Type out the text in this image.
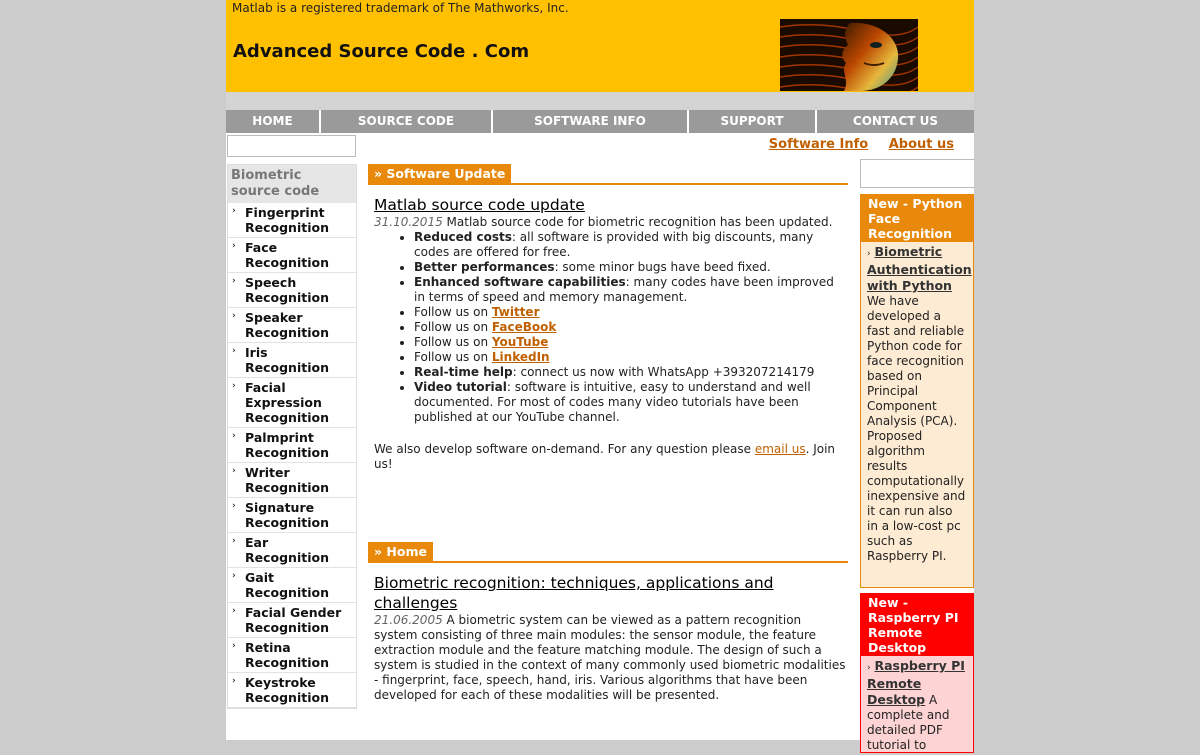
Matlab is a registered trademark of The Mathworks, Inc.
Advanced Source Code . Com
HOME	SOURCE CODE	SOFTWARE INFO	SUPPORT	CONTACT US
Software Info About us
Biometric source code
› Fingerprint Recognition
› Face Recognition
› Speech Recognition
› Speaker Recognition
› Iris Recognition
› Facial Expression Recognition
› Palmprint Recognition
› Writer Recognition
› Signature Recognition
› Ear Recognition
› Gait Recognition
› Facial Gender Recognition
› Retina Recognition
› Keystroke Recognition
» Software Update
Matlab source code update
31.10.2015 Matlab source code for biometric recognition has been updated.
• Reduced costs: all software is provided with big discounts, many codes are offered for free.
• Better performances: some minor bugs have beed fixed.
• Enhanced software capabilities: many codes have been improved in terms of speed and memory management.
• Follow us on Twitter
• Follow us on FaceBook
• Follow us on YouTube
• Follow us on LinkedIn
• Real-time help: connect us now with WhatsApp +393207214179
• Video tutorial: software is intuitive, easy to understand and well documented. For most of codes many video tutorials have been published at our YouTube channel.
We also develop software on-demand. For any question please email us. Join us!
» Home
Biometric recognition: techniques, applications and challenges
21.06.2005 A biometric system can be viewed as a pattern recognition system consisting of three main modules: the sensor module, the feature extraction module and the feature matching module. The design of such a system is studied in the context of many commonly used biometric modalities - fingerprint, face, speech, hand, iris. Various algorithms that have been developed for each of these modalities will be presented.
New - Python Face Recognition
› Biometric Authentication with Python
We have developed a fast and reliable Python code for face recognition based on Principal Component Analysis (PCA). Proposed algorithm results computationally inexpensive and it can run also in a low-cost pc such as Raspberry PI.
New - Raspberry PI Remote Desktop
› Raspberry PI Remote Desktop A complete and detailed PDF tutorial to
